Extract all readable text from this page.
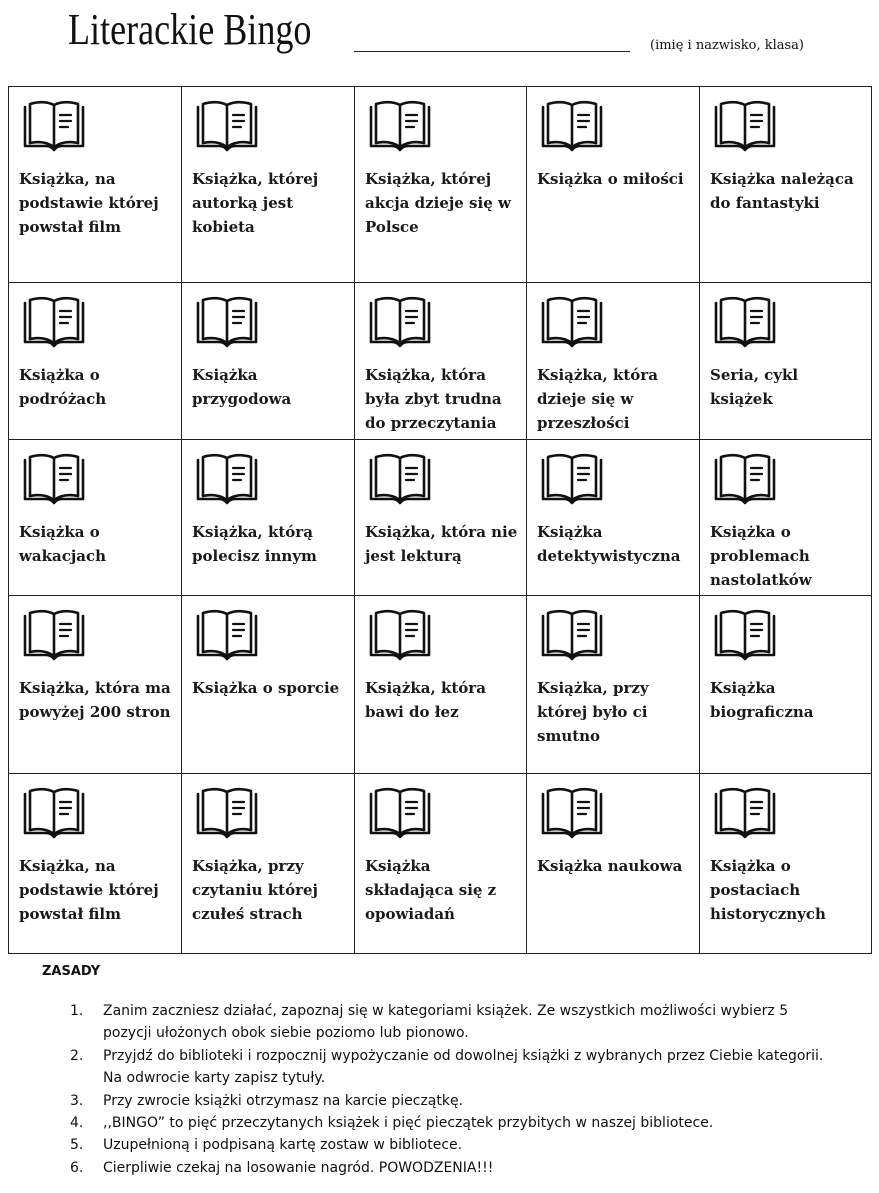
Literackie Bingo	(imię i nazwisko, klasa)
Książka, na podstawie której powstał film	Książka, której autorką jest kobieta	Książka, której akcja dzieje się w Polsce	Książka o miłości	Książka należąca do fantastyki

Książka o podróżach	Książka przygodowa	Książka, która była zbyt trudna do przeczytania	Książka, która dzieje się w przeszłości	Seria, cykl książek

Książka o wakacjach	Książka, którą polecisz innym	Książka, która nie jest lekturą	Książka detektywistyczna	Książka o problemach nastolatków

Książka, która ma powyżej 200 stron	Książka o sporcie	Książka, która bawi do łez	Książka, przy której było ci smutno	Książka biograficzna

Książka, na podstawie której powstał film	Książka, przy czytaniu której czułeś strach	Książka składająca się z opowiadań	Książka naukowa	Książka o postaciach historycznych
ZASADY
1. Zanim zaczniesz działać, zapoznaj się w kategoriami książek. Ze wszystkich możliwości wybierz 5 pozycji ułożonych obok siebie poziomo lub pionowo.
2. Przyjdź do biblioteki i rozpocznij wypożyczanie od dowolnej książki z wybranych przez Ciebie kategorii. Na odwrocie karty zapisz tytuły.
3. Przy zwrocie książki otrzymasz na karcie pieczątkę.
4. ,,BINGO” to pięć przeczytanych książek i pięć pieczątek przybitych w naszej bibliotece.
5. Uzupełnioną i podpisaną kartę zostaw w bibliotece.
6. Cierpliwie czekaj na losowanie nagród. POWODZENIA!!!
